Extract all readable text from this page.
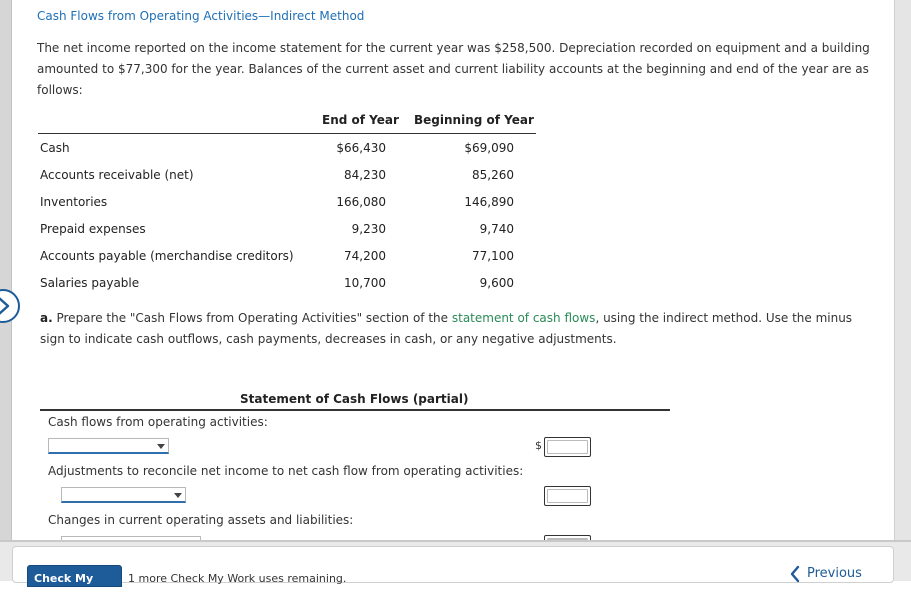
Cash Flows from Operating Activities—Indirect Method
The net income reported on the income statement for the current year was $258,500. Depreciation recorded on equipment and a building amounted to $77,300 for the year. Balances of the current asset and current liability accounts at the beginning and end of the year are as follows:
End of Year Beginning of Year
Cash	$66,430	$69,090
Accounts receivable (net)	84,230	85,260
Inventories	166,080	146,890
Prepaid expenses	9,230	9,740
Accounts payable (merchandise creditors)	74,200	77,100
Salaries payable	10,700	9,600
a. Prepare the "Cash Flows from Operating Activities" section of the statement of cash flows, using the indirect method. Use the minus sign to indicate cash outflows, cash payments, decreases in cash, or any negative adjustments.
Statement of Cash Flows (partial)
Cash flows from operating activities:
$
Adjustments to reconcile net income to net cash flow from operating activities:
Changes in current operating assets and liabilities:
Check My Work
1 more Check My Work uses remaining.	Previous
